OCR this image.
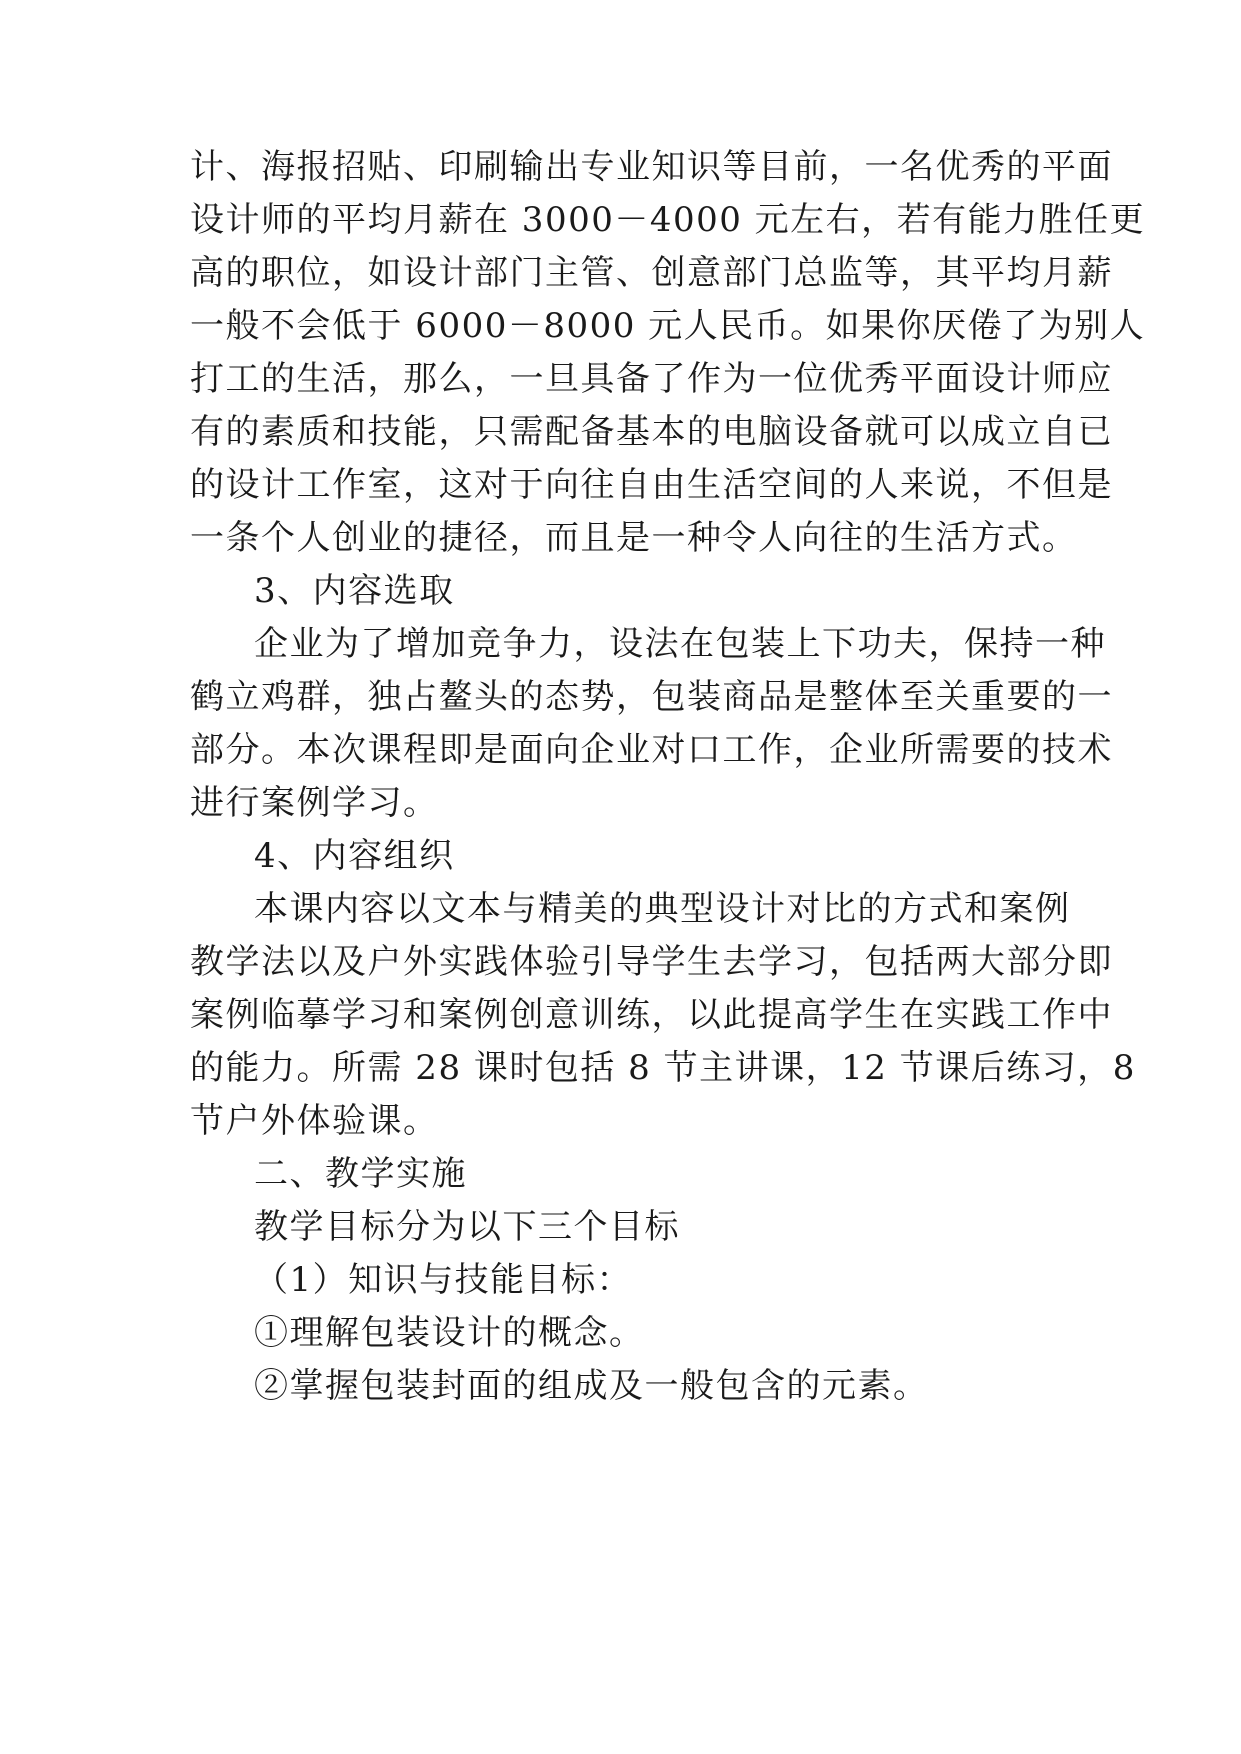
计、海报招贴、印刷输出专业知识等目前，一名优秀的平面
设计师的平均月薪在 3000－4000 元左右，若有能力胜任更
高的职位，如设计部门主管、创意部门总监等，其平均月薪
一般不会低于 6000－8000 元人民币。如果你厌倦了为别人
打工的生活，那么，一旦具备了作为一位优秀平面设计师应
有的素质和技能，只需配备基本的电脑设备就可以成立自已
的设计工作室，这对于向往自由生活空间的人来说，不但是
一条个人创业的捷径，而且是一种令人向往的生活方式。
3、内容选取
企业为了增加竞争力，设法在包装上下功夫，保持一种
鹤立鸡群，独占鳌头的态势，包装商品是整体至关重要的一
部分。本次课程即是面向企业对口工作，企业所需要的技术
进行案例学习。
4、内容组织
本课内容以文本与精美的典型设计对比的方式和案例
教学法以及户外实践体验引导学生去学习，包括两大部分即
案例临摹学习和案例创意训练，以此提高学生在实践工作中
的能力。所需 28 课时包括 8 节主讲课，12 节课后练习，8
节户外体验课。
二、教学实施
教学目标分为以下三个目标
（1）知识与技能目标：
①理解包装设计的概念。
②掌握包装封面的组成及一般包含的元素。
